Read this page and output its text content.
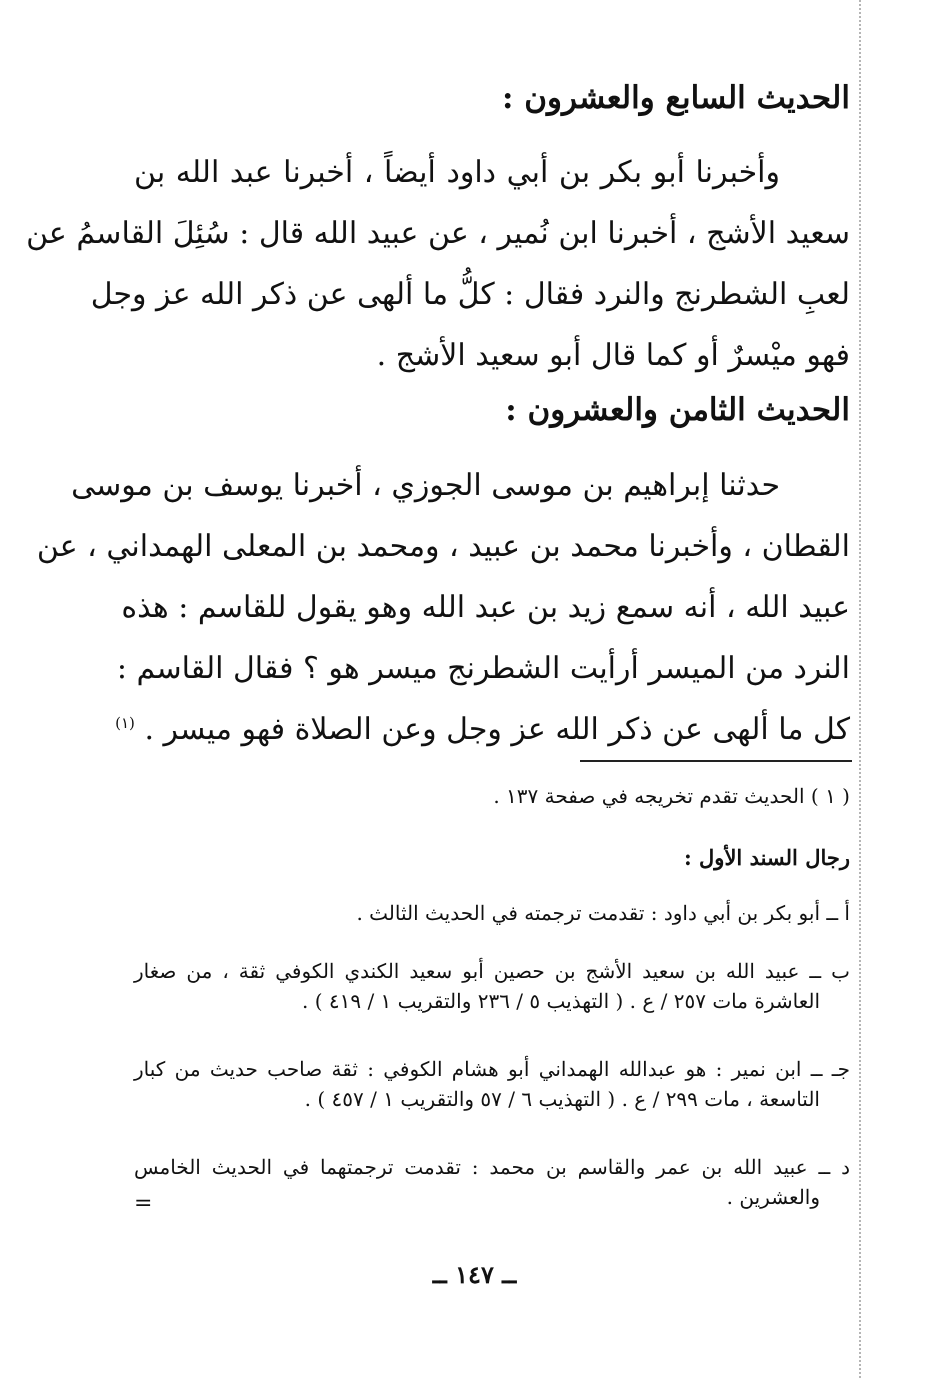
الحديث السابع والعشرون :
وأخبرنا أبو بكر بن أبي داود أيضاً ، أخبرنا عبد الله بن
سعيد الأشج ، أخبرنا ابن نُمير ، عن عبيد الله قال : سُئِلَ القاسمُ عن
لعبِ الشطرنج والنرد فقال : كلُّ ما ألهى عن ذكر الله عز وجل
فهو ميْسرٌ أو كما قال أبو سعيد الأشج .
الحديث الثامن والعشرون :
حدثنا إبراهيم بن موسى الجوزي ، أخبرنا يوسف بن موسى
القطان ، وأخبرنا محمد بن عبيد ، ومحمد بن المعلى الهمداني ، عن
عبيد الله ، أنه سمع زيد بن عبد الله وهو يقول للقاسم : هذه
النرد من الميسر أرأيت الشطرنج ميسر هو ؟ فقال القاسم :
كل ما ألهى عن ذكر الله عز وجل وعن الصلاة فهو ميسر . $^{(١)}$
( ١ ) الحديث تقدم تخريجه في صفحة ١٣٧ .
رجال السند الأول :
أ ــ أبو بكر بن أبي داود : تقدمت ترجمته في الحديث الثالث .
ب ــ عبيد الله بن سعيد الأشج بن حصين أبو سعيد الكندي الكوفي ثقة ، من صغار
العاشرة مات ٢٥٧ / ع . ( التهذيب ٥ / ٢٣٦ والتقريب ١ / ٤١٩ ) .
جـ ــ ابن نمير : هو عبدالله الهمداني أبو هشام الكوفي : ثقة صاحب حديث من كبار
التاسعة ، مات ٢٩٩ / ع . ( التهذيب ٦ / ٥٧ والتقريب ١ / ٤٥٧ ) .
د ــ عبيد الله بن عمر والقاسم بن محمد : تقدمت ترجمتهما في الحديث الخامس
والعشرين .
=
ــ ١٤٧ ــ
